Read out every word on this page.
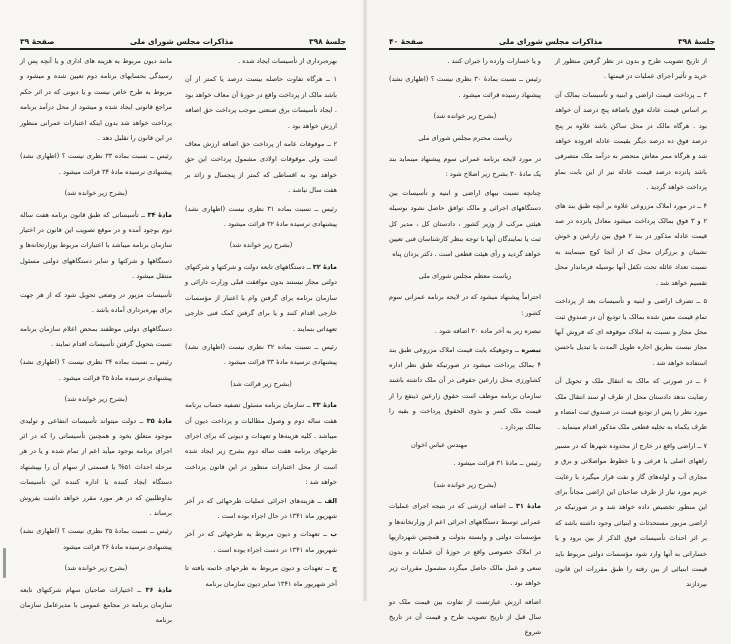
جلسهٔ ۳۹۸
مذاکرات مجلس شورای ملی
صفحهٔ ۳۹

بهره‌برداری از تأسیسات ایجاد شده .

۱ ــ هرگاه تفاوت حاصله بیست درصد یا کمتر از آن باشد مالک از پرداخت واقع در حوزهٔ آن معاف خواهد بود . ایجاد تأسیسات برق صنعتی موجب پرداخت حق اضافه ارزش خواهد بود .

۲ ــ موقوفات عامه از پرداخت حق اضافه ارزش معاف است ولی موقوفات اولادی مشمول پرداخت این حق خواهد بود به اقساطی که کمتر از پنجسال و زائد بر هفت سال نباشد .

رئیس ــ نسبت بماده ۳۱ نظری نیست (اظهاری نشد) پیشنهادی نرسیده مادهٔ ۳۲ قرائت میشود .

(بشرح زیر خوانده شد)

مادهٔ ۳۲ ــ دستگاههای تابعه دولت و شرکتها و شرکتهای دولتی مجاز نیستند بدون موافقت قبلی وزارت دارائی و سازمان برنامه برای گرفتن وام یا اعتبار از مؤسسات خارجی اقدام کنند و یا برای گرفتن کمک فنی خارجی تعهداتی بنمایند .

رئیس ــ نسبت بماده ۳۲ نظری نیست (اظهاری نشد) پیشنهادی نرسیده مادهٔ ۳۳ قرائت میشود .

(بشرح زیر قرائت شد)

مادهٔ ۳۳ ــ سازمان برنامه مسئول تصفیه حساب برنامه هفت ساله دوم و وصول مطالبات و پرداخت دیون آن میباشد . کلیه هزینه‌ها و تعهدات و دیونی که برای اجرای طرحهای برنامه هفت ساله دوم بشرح زیر ایجاد شده است از محل اعتبارات منظور در این قانون پرداخت خواهد شد :

الف ــ هزینه‌های اجرائی عملیات طرحهائی که در آخر شهریور ماه ۱۳۴۱ در حال اجراء بوده است .

ب ــ تعهدات و دیون مربوط به طرحهائی که در آخر شهریور ماه ۱۳۴۱ در دست اجراء بوده است .

ج ــ تعهدات و دیون مربوط به طرحهای خاتمه یافته تا آخر شهریور ماه ۱۳۴۱ سایر دیون سازمان برنامه

مانند دیون مربوط به هزینه های اداری و یا آنچه پس از رسیدگی بحسابهای برنامه دوم تعیین شده و میشود و مربوط به طرح خاص نیست و یا دیونی که در اثر حکم مراجع قانونی ایجاد شده و میشود از محل درآمد برنامه پرداخت خواهد شد بدون اینکه اعتبارات عمرانی منظور در این قانون را تقلیل دهد .

رئیس ــ نسبت بماده ۳۳ نظری نیست ؟ (اظهاری نشد) پیشنهادی نرسیده مادهٔ ۳۴ قرائت میشود .

(بشرح زیر خوانده شد)

مادهٔ ۳۴ ــ تأسیساتی که طبق قانون برنامه هفت ساله دوم بوجود آمده و در موقع تصویب این قانون در اختیار سازمان برنامه میباشد با اعتبارات مربوط بوزارتخانه‌ها و دستگاهها و شرکتها و سایر دستگاههای دولتی مسئول منتقل میشود .

تأسیسات مزبور در وضعی تحویل شود که از هر جهت برای بهره‌برداری آماده باشد .

دستگاههای دولتی موظفند بمحض اعلام سازمان برنامه نسبت بتحویل گرفتن تأسیسات اقدام نمایند .

رئیس ــ نسبت بماده ۳۴ نظری نیست ؟ (اظهاری نشد) پیشنهادی نرسیده مادهٔ ۳۵ قرائت میشود .

(بشرح زیر خوانده شد)

مادهٔ ۳۵ ــ دولت میتواند تأسیسات انتفاعی و تولیدی موجود متعلق بخود و همچنین تأسیساتی را که در اثر اجرای برنامه بوجود میآید اعم از تمام شده و یا در هر مرحله احداث ۵۱% یا قسمتی از سهام آن را بپیشنهاد دستگاه ایجاد کننده یا اداره کننده این تأسیسات بداوطلبین که در هر مورد مقرر خواهد داشت بفروش برساند .

رئیس ــ نسبت بمادهٔ ۳۵ نظری نیست ؟ (اظهاری نشد) پیشنهادی نرسیده مادهٔ ۳۶ قرائت میشود

(بشرح زیر خوانده شد)

مادهٔ ۳۶ ــ اختیارات صاحبان سهام شرکتهای تابعه سازمان برنامه در مجامع عمومی با مدیرعامل سازمان برنامه

جلسهٔ ۳۹۸
مذاکرات مجلس شورای ملی
صفحهٔ ۴۰

از تاریخ تصویب طرح و بدون در نظر گرفتن منظور از خرید و تأثیر اجرای عملیات در قیمتها .

۳ ــ پرداخت قیمت اراضی و ابنیه و تأسیسات بمالک آن بر اساس قیمت عادله فوق باضافه پنج درصد آن خواهد بود . هرگاه مالک در محل ساکن باشد علاوه بر پنج درصد فوق ده درصد دیگر بقیمت عادله افزوده خواهد شد و هرگاه ممر معاش منحصر به درآمد ملک متصرفی باشد پانزده درصد قیمت عادله نیز از این بابت بماو پرداخت خواهد گردید .

۴ ــ در مورد املاک مزروعی علاوه بر آنچه طبق بند های ۲ و ۳ فوق بمالک پرداخت میشود معادل پانزده در صد قیمت عادله مذکور در بند ۲ فوق بین زارعین و خوش نشینان و برزگران محل که از آنجا کوچ مینمایند به نسبت تعداد عائله تحت تکفل آنها بوسیله فرماندار محل تقسیم خواهد شد .

۵ ــ تصرف اراضی و ابنیه و تأسیسات بعد از پرداخت تمام قیمت معین شده بمالک یا تودیع آن در صندوق ثبت محل مجاز و نسبت به املاک موقوفه ای که فروش آنها مجاز نیست بطریق اجاره طویل المدت یا تبدیل باحسن استفاده خواهد شد .

۶ ــ در صورتی که مالک به انتقال ملک و تحویل آن رضایت ندهد دادستان محل از طرف او سند انتقال ملک مورد نظر را پس از تودیع قیمت در صندوق ثبت امضاء و ظرف یکماه به تخلیه قطعی ملک مذکور اقدام مینماید .

۷ ــ اراضی واقع در خارج از محدوده شهرها که در مسیر راههای اصلی یا فرعی و یا خطوط مواصلاتی و برق و مجاری آب و لوله‌های گاز و نفت قرار میگیرد با رعایت حریم مورد نیاز از طرف صاحبان این اراضی مجاناً برای این منظور تخصیص داده خواهد شد و در صورتیکه در اراضی مزبور مستحدثات و ابنیائی وجود داشته باشد که بر اثر احداث تأسیسات فوق الذکر از بین برود و یا خساراتی به آنها وارد شود مؤسسات دولتی مربوط باید قیمت ابنیائی از بین رفته را طبق مقررات این قانون بپردازند

و یا خسارات وارده را جبران کنند .

رئیس ــ نسبت بمادهٔ ۳۰ نظری نیست ؟ (اظهاری نشد) پیشنهاد رسیده قرائت میشود .

(بشرح زیر خوانده شد)

ریاست محترم مجلس شورای ملی

در مورد لایحه برنامه عمرانی سوم پیشنهاد مینماید بند یک مادهٔ ۳۰ بشرح زیر اصلاح شود :

چنانچه نسبت ببهای اراضی و ابنیه و تأسیسات بین دستگاههای اجرائی و مالک توافق حاصل نشود بوسیله هیئتی مرکب از وزیر کشور ، دادستان کل ، مدیر کل ثبت یا نمایندگان آنها با توجه بنظر کارشناسان فنی تعیین خواهد گردید و رأی هیئت قطعی است . دکتر یزدان پناه

ریاست معظم مجلس شورای ملی

احتراماً پیشنهاد میشود که در لایحه برنامه عمرانی سوم کشور :

تبصره زیر به آخر ماده ۳۰ اضافه شود .

تبصره ــ وجوهیکه بابت قیمت املاک مزروعی طبق بند ۴ بمالک پرداخت میشود در صورتیکه طبق نظر اداره کشاورزی محل زارعین حقوقی در آن ملک داشته باشند سازمان برنامه موظف است حقوق زارعین ذینفع را از قیمت ملک کسر و بذوی الحقوق پرداخت و بقیه را بمالک بپردازد .

مهندس عباس اخوان

رئیس ــ مادهٔ ۳۱ قرائت میشود .

(بشرح زیر خوانده شد)

مادهٔ ۳۱ ــ اضافه ارزشی که در نتیجه اجرای عملیات عمرانی توسط دستگاههای اجرائی اعم از وزارتخانه‌ها و مؤسسات دولتی و وابسته بدولت و همچنین شهرداریها در املاک خصوصی واقع در حوزهٔ آن عملیات و بدون سعی و عمل مالک حاصل میگردد مشمول مقررات زیر خواهد بود .

اضافه ارزش عبارتست از تفاوت بین قیمت ملک دو سال قبل از تاریخ تصویب طرح و قیمت آن در تاریخ شروع
